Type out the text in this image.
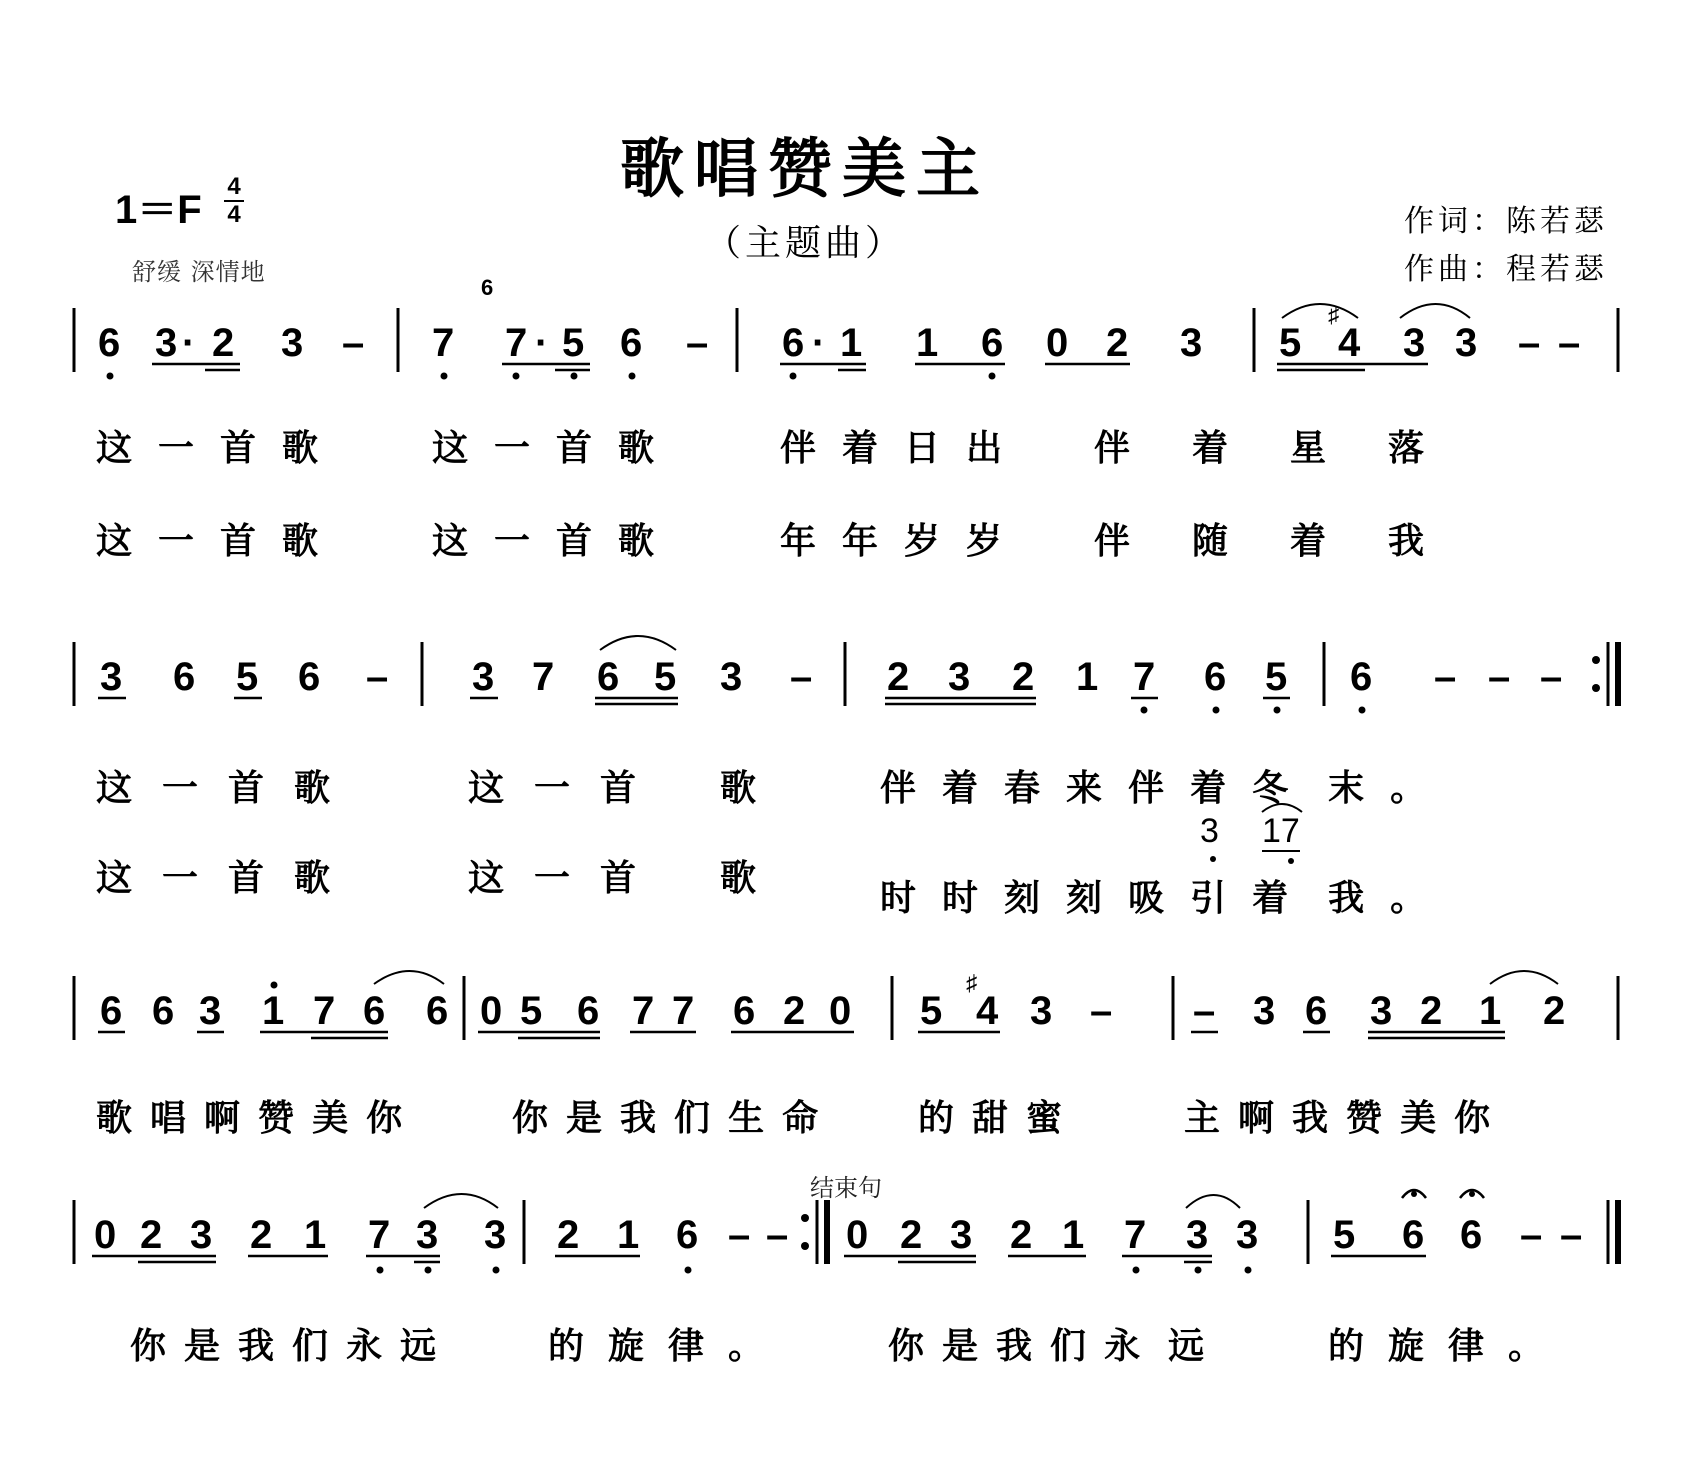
歌唱赞美主
（主题曲）
1＝F
4
4
舒缓 深情地
作词：陈若瑟
作曲：程若瑟
6 3 · 2 3 – 7
6
7 · 5 6 – 6 · 1 1 6 0 2 3 5
♯
4 3 3 – –
3 6 5 6 – 3 7 6 5 3 – 2 3 2 1 7 6 5 6 – – –
6 6 3 1 7 6 6 0 5 6 7 7 6 2 0 5
♯
4 3 – – 3 6 3 2 1 2
0 2 3 2 1 7 3 3 2 1 6 – – 0 2 3 2 1 7 3 3 5 6 6 – –
这一首歌 这一首歌	伴着日出 伴着星落
这一首歌 这一首歌	年年岁岁 伴随着我
这一首歌	这一首 歌	伴着春来伴着冬 末。
这一首歌	这一首 歌	时时刻刻吸引着 我。
3 17
歌唱啊赞美你	你是我们生命 的甜蜜	主啊我赞美你
结束句
你是我们永远	的旋律。	你是我们永 远	的旋律。
